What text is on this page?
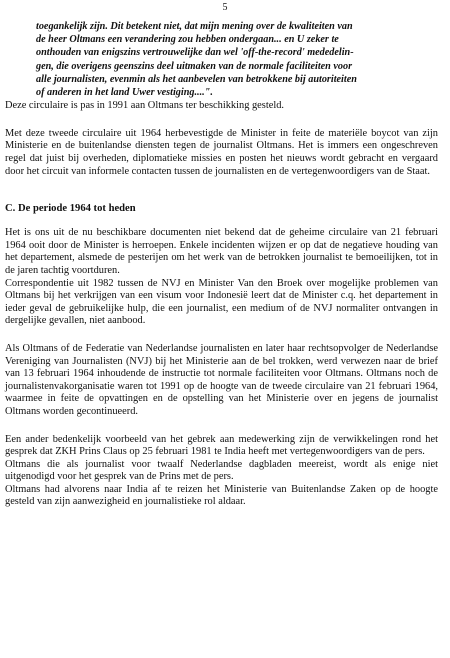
5
toegankelijk zijn. Dit betekent niet, dat mijn mening over de kwaliteiten van
de heer Oltmans een verandering zou hebben ondergaan... en U zeker te
onthouden van enigszins vertrouwelijke dan wel 'off-the-record' mededelin-
gen, die overigens geenszins deel uitmaken van de normale faciliteiten voor
alle journalisten, evenmin als het aanbevelen van betrokkene bij autoriteiten
of anderen in het land Uwer vestiging....".

Deze circulaire is pas in 1991 aan Oltmans ter beschikking gesteld.

Met deze tweede circulaire uit 1964 herbevestigde de Minister in feite de materiële boycot van zijn Ministerie en de buitenlandse diensten tegen de journalist Oltmans. Het is immers een ongeschreven regel dat juist bij overheden, diplomatieke missies en posten het nieuws wordt gebracht en vergaard door het circuit van informele contacten tussen de journalisten en de vertegenwoordigers van de Staat.

C. De periode 1964 tot heden

Het is ons uit de nu beschikbare documenten niet bekend dat de geheime circulaire van 21 februari 1964 ooit door de Minister is herroepen. Enkele incidenten wijzen er op dat de negatieve houding van het departement, alsmede de pesterijen om het werk van de betrokken journalist te bemoeilijken, tot in de jaren tachtig voortduren.

Correspondentie uit 1982 tussen de NVJ en Minister Van den Broek over mogelijke problemen van Oltmans bij het verkrijgen van een visum voor Indonesië leert dat de Minister c.q. het departement in ieder geval de gebruikelijke hulp, die een journalist, een medium of de NVJ normaliter ontvangen in dergelijke gevallen, niet aanbood.

Als Oltmans of de Federatie van Nederlandse journalisten en later haar rechtsopvolger de Nederlandse Vereniging van Journalisten (NVJ) bij het Ministerie aan de bel trokken, werd verwezen naar de brief van 13 februari 1964 inhoudende de instructie tot normale faciliteiten voor Oltmans. Oltmans noch de journalistenvakorganisatie waren tot 1991 op de hoogte van de tweede circulaire van 21 februari 1964, waarmee in feite de opvattingen en de opstelling van het Ministerie over en jegens de journalist Oltmans worden gecontinueerd.

Een ander bedenkelijk voorbeeld van het gebrek aan medewerking zijn de verwikkelingen rond het gesprek dat ZKH Prins Claus op 25 februari 1981 te India heeft met vertegenwoordigers van de pers.

Oltmans die als journalist voor twaalf Nederlandse dagbladen meereist, wordt als enige niet uitgenodigd voor het gesprek van de Prins met de pers.

Oltmans had alvorens naar India af te reizen het Ministerie van Buitenlandse Zaken op de hoogte gesteld van zijn aanwezigheid en journalistieke rol aldaar.
